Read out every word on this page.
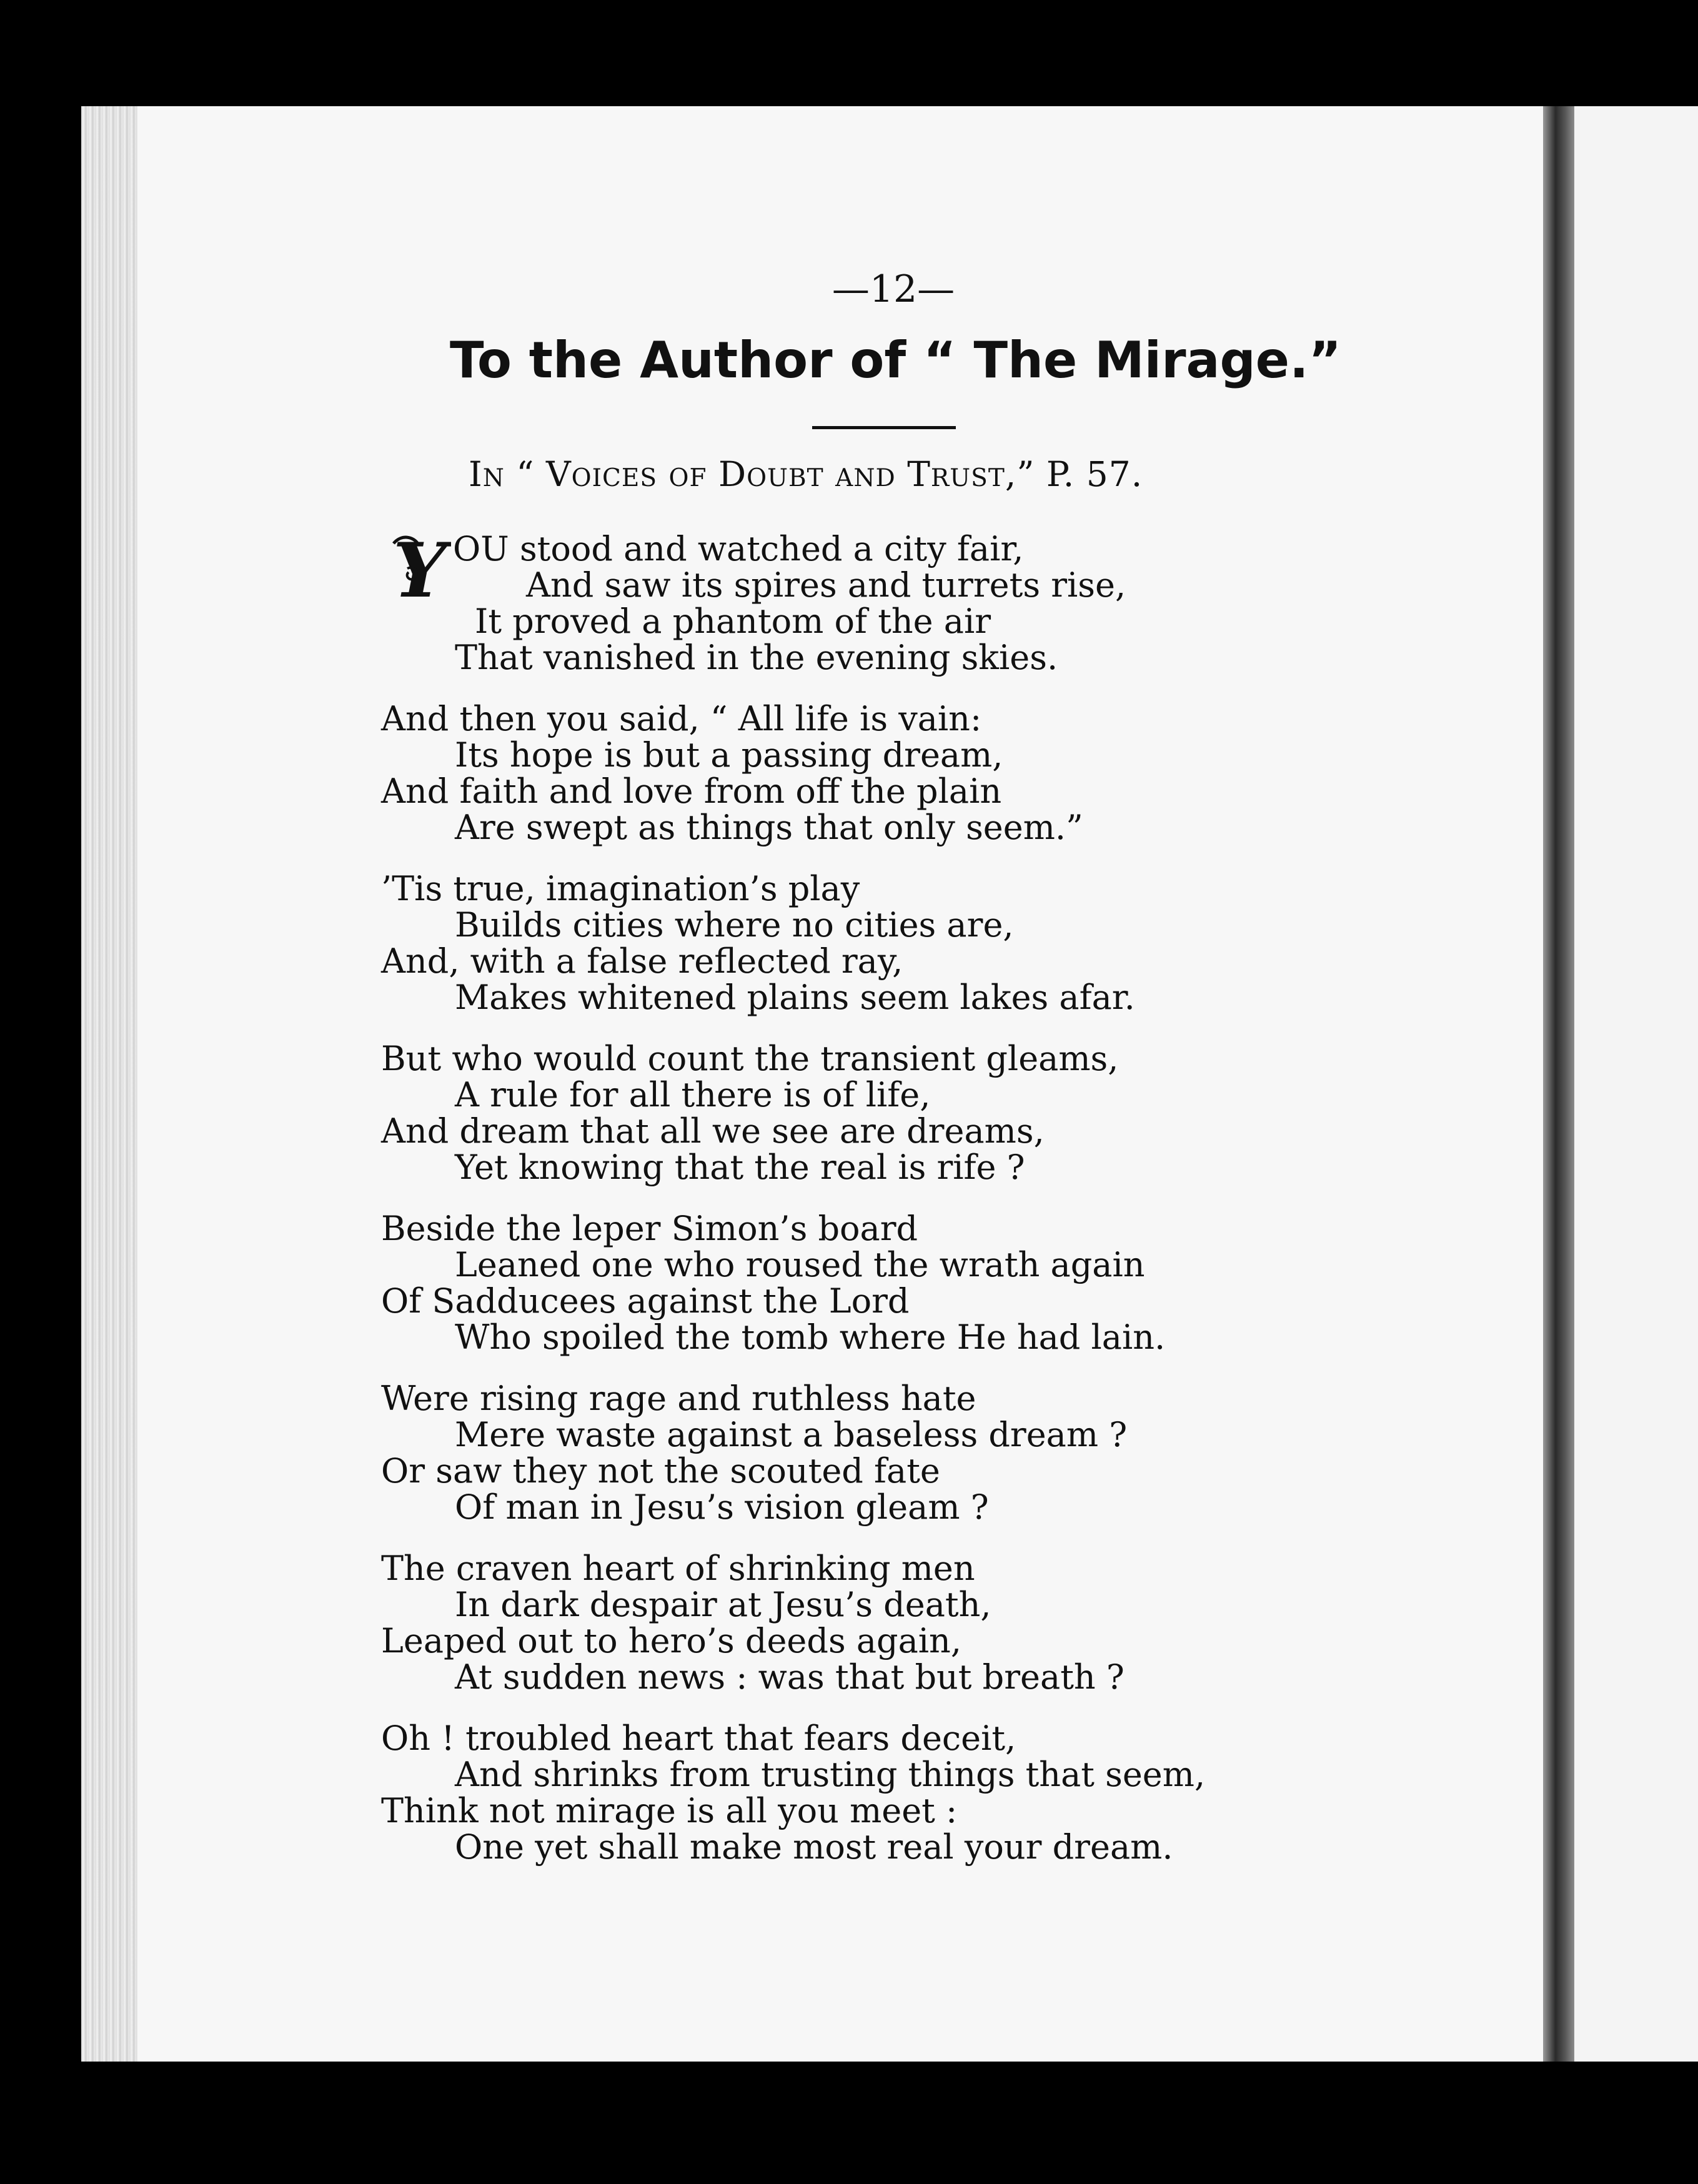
—12—
To the Author of “ The Mirage.”
In “ Voices of Doubt and Trust,” P. 57.
Y OU stood and watched a city fair,
And saw its spires and turrets rise,
It proved a phantom of the air
That vanished in the evening skies.
And then you said, “ All life is vain:
Its hope is but a passing dream,
And faith and love from off the plain
Are swept as things that only seem.”
’Tis true, imagination’s play
Builds cities where no cities are,
And, with a false reflected ray,
Makes whitened plains seem lakes afar.
But who would count the transient gleams,
A rule for all there is of life,
And dream that all we see are dreams,
Yet knowing that the real is rife ?
Beside the leper Simon’s board
Leaned one who roused the wrath again
Of Sadducees against the Lord
Who spoiled the tomb where He had lain.
Were rising rage and ruthless hate
Mere waste against a baseless dream ?
Or saw they not the scouted fate
Of man in Jesu’s vision gleam ?
The craven heart of shrinking men
In dark despair at Jesu’s death,
Leaped out to hero’s deeds again,
At sudden news : was that but breath ?
Oh ! troubled heart that fears deceit,
And shrinks from trusting things that seem,
Think not mirage is all you meet :
One yet shall make most real your dream.
